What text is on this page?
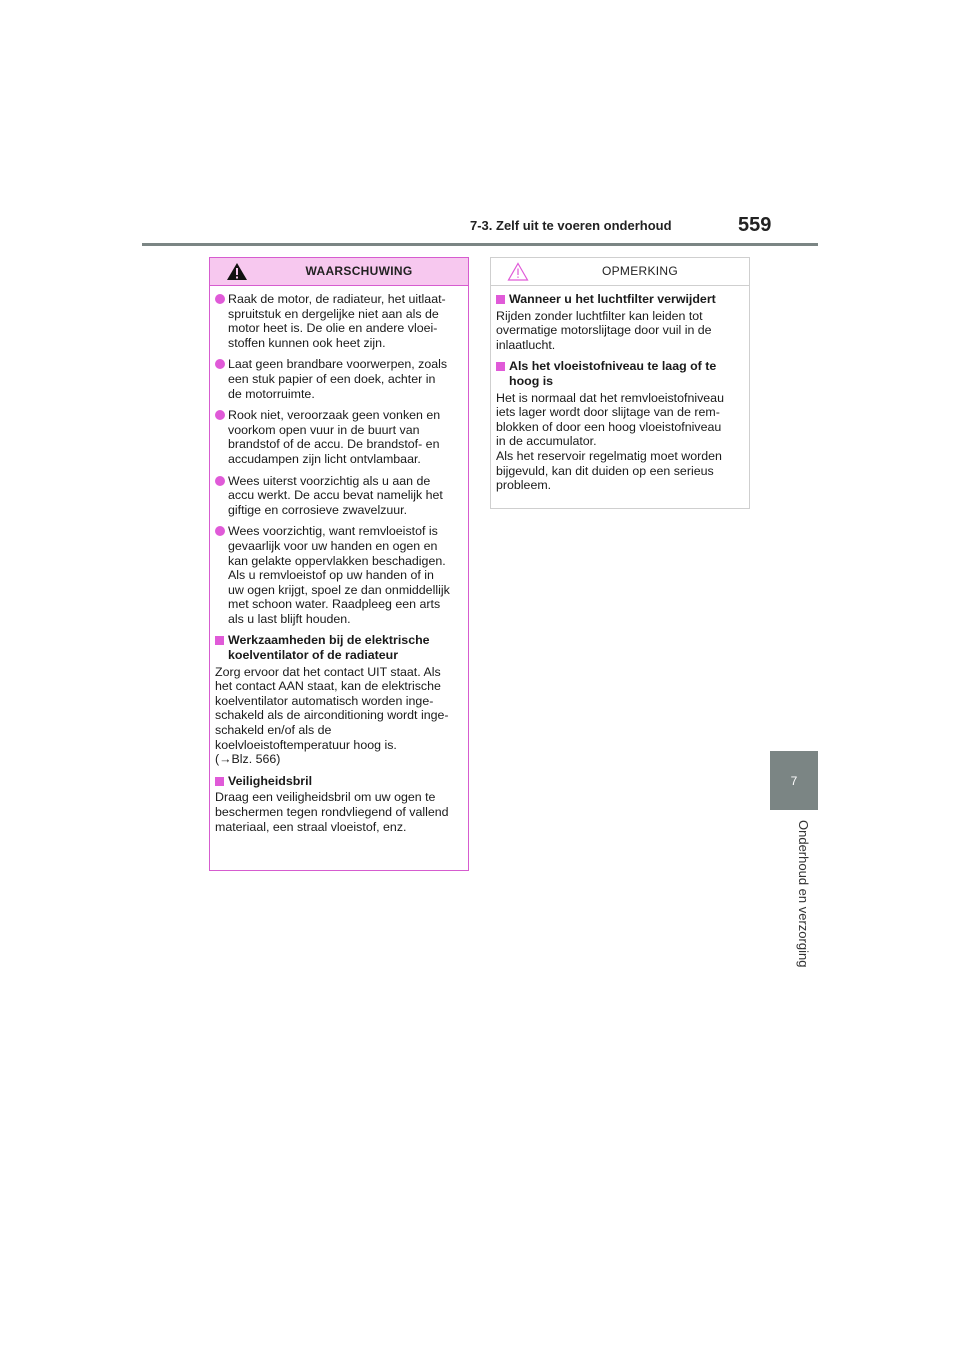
7-3. Zelf uit te voeren onderhoud	559
7
Onderhoud en verzorging
WAARSCHUWING
Raak de motor, de radiateur, het uitlaat-
spruitstuk en dergelijke niet aan als de
motor heet is. De olie en andere vloei-
stoffen kunnen ook heet zijn.
Laat geen brandbare voorwerpen, zoals
een stuk papier of een doek, achter in
de motorruimte.
Rook niet, veroorzaak geen vonken en
voorkom open vuur in de buurt van
brandstof of de accu. De brandstof- en
accudampen zijn licht ontvlambaar.
Wees uiterst voorzichtig als u aan de
accu werkt. De accu bevat namelijk het
giftige en corrosieve zwavelzuur.
Wees voorzichtig, want remvloeistof is
gevaarlijk voor uw handen en ogen en
kan gelakte oppervlakken beschadigen.
Als u remvloeistof op uw handen of in
uw ogen krijgt, spoel ze dan onmiddellijk
met schoon water. Raadpleeg een arts
als u last blijft houden.
Werkzaamheden bij de elektrische
koelventilator of de radiateur
Zorg ervoor dat het contact UIT staat. Als
het contact AAN staat, kan de elektrische
koelventilator automatisch worden inge-
schakeld als de airconditioning wordt inge-
schakeld en/of als de
koelvloeistoftemperatuur hoog is.
(→Blz. 566)
Veiligheidsbril
Draag een veiligheidsbril om uw ogen te
beschermen tegen rondvliegend of vallend
materiaal, een straal vloeistof, enz.
OPMERKING
Wanneer u het luchtfilter verwijdert
Rijden zonder luchtfilter kan leiden tot
overmatige motorslijtage door vuil in de
inlaatlucht.
Als het vloeistofniveau te laag of te
hoog is
Het is normaal dat het remvloeistofniveau
iets lager wordt door slijtage van de rem-
blokken of door een hoog vloeistofniveau
in de accumulator.
Als het reservoir regelmatig moet worden
bijgevuld, kan dit duiden op een serieus
probleem.
